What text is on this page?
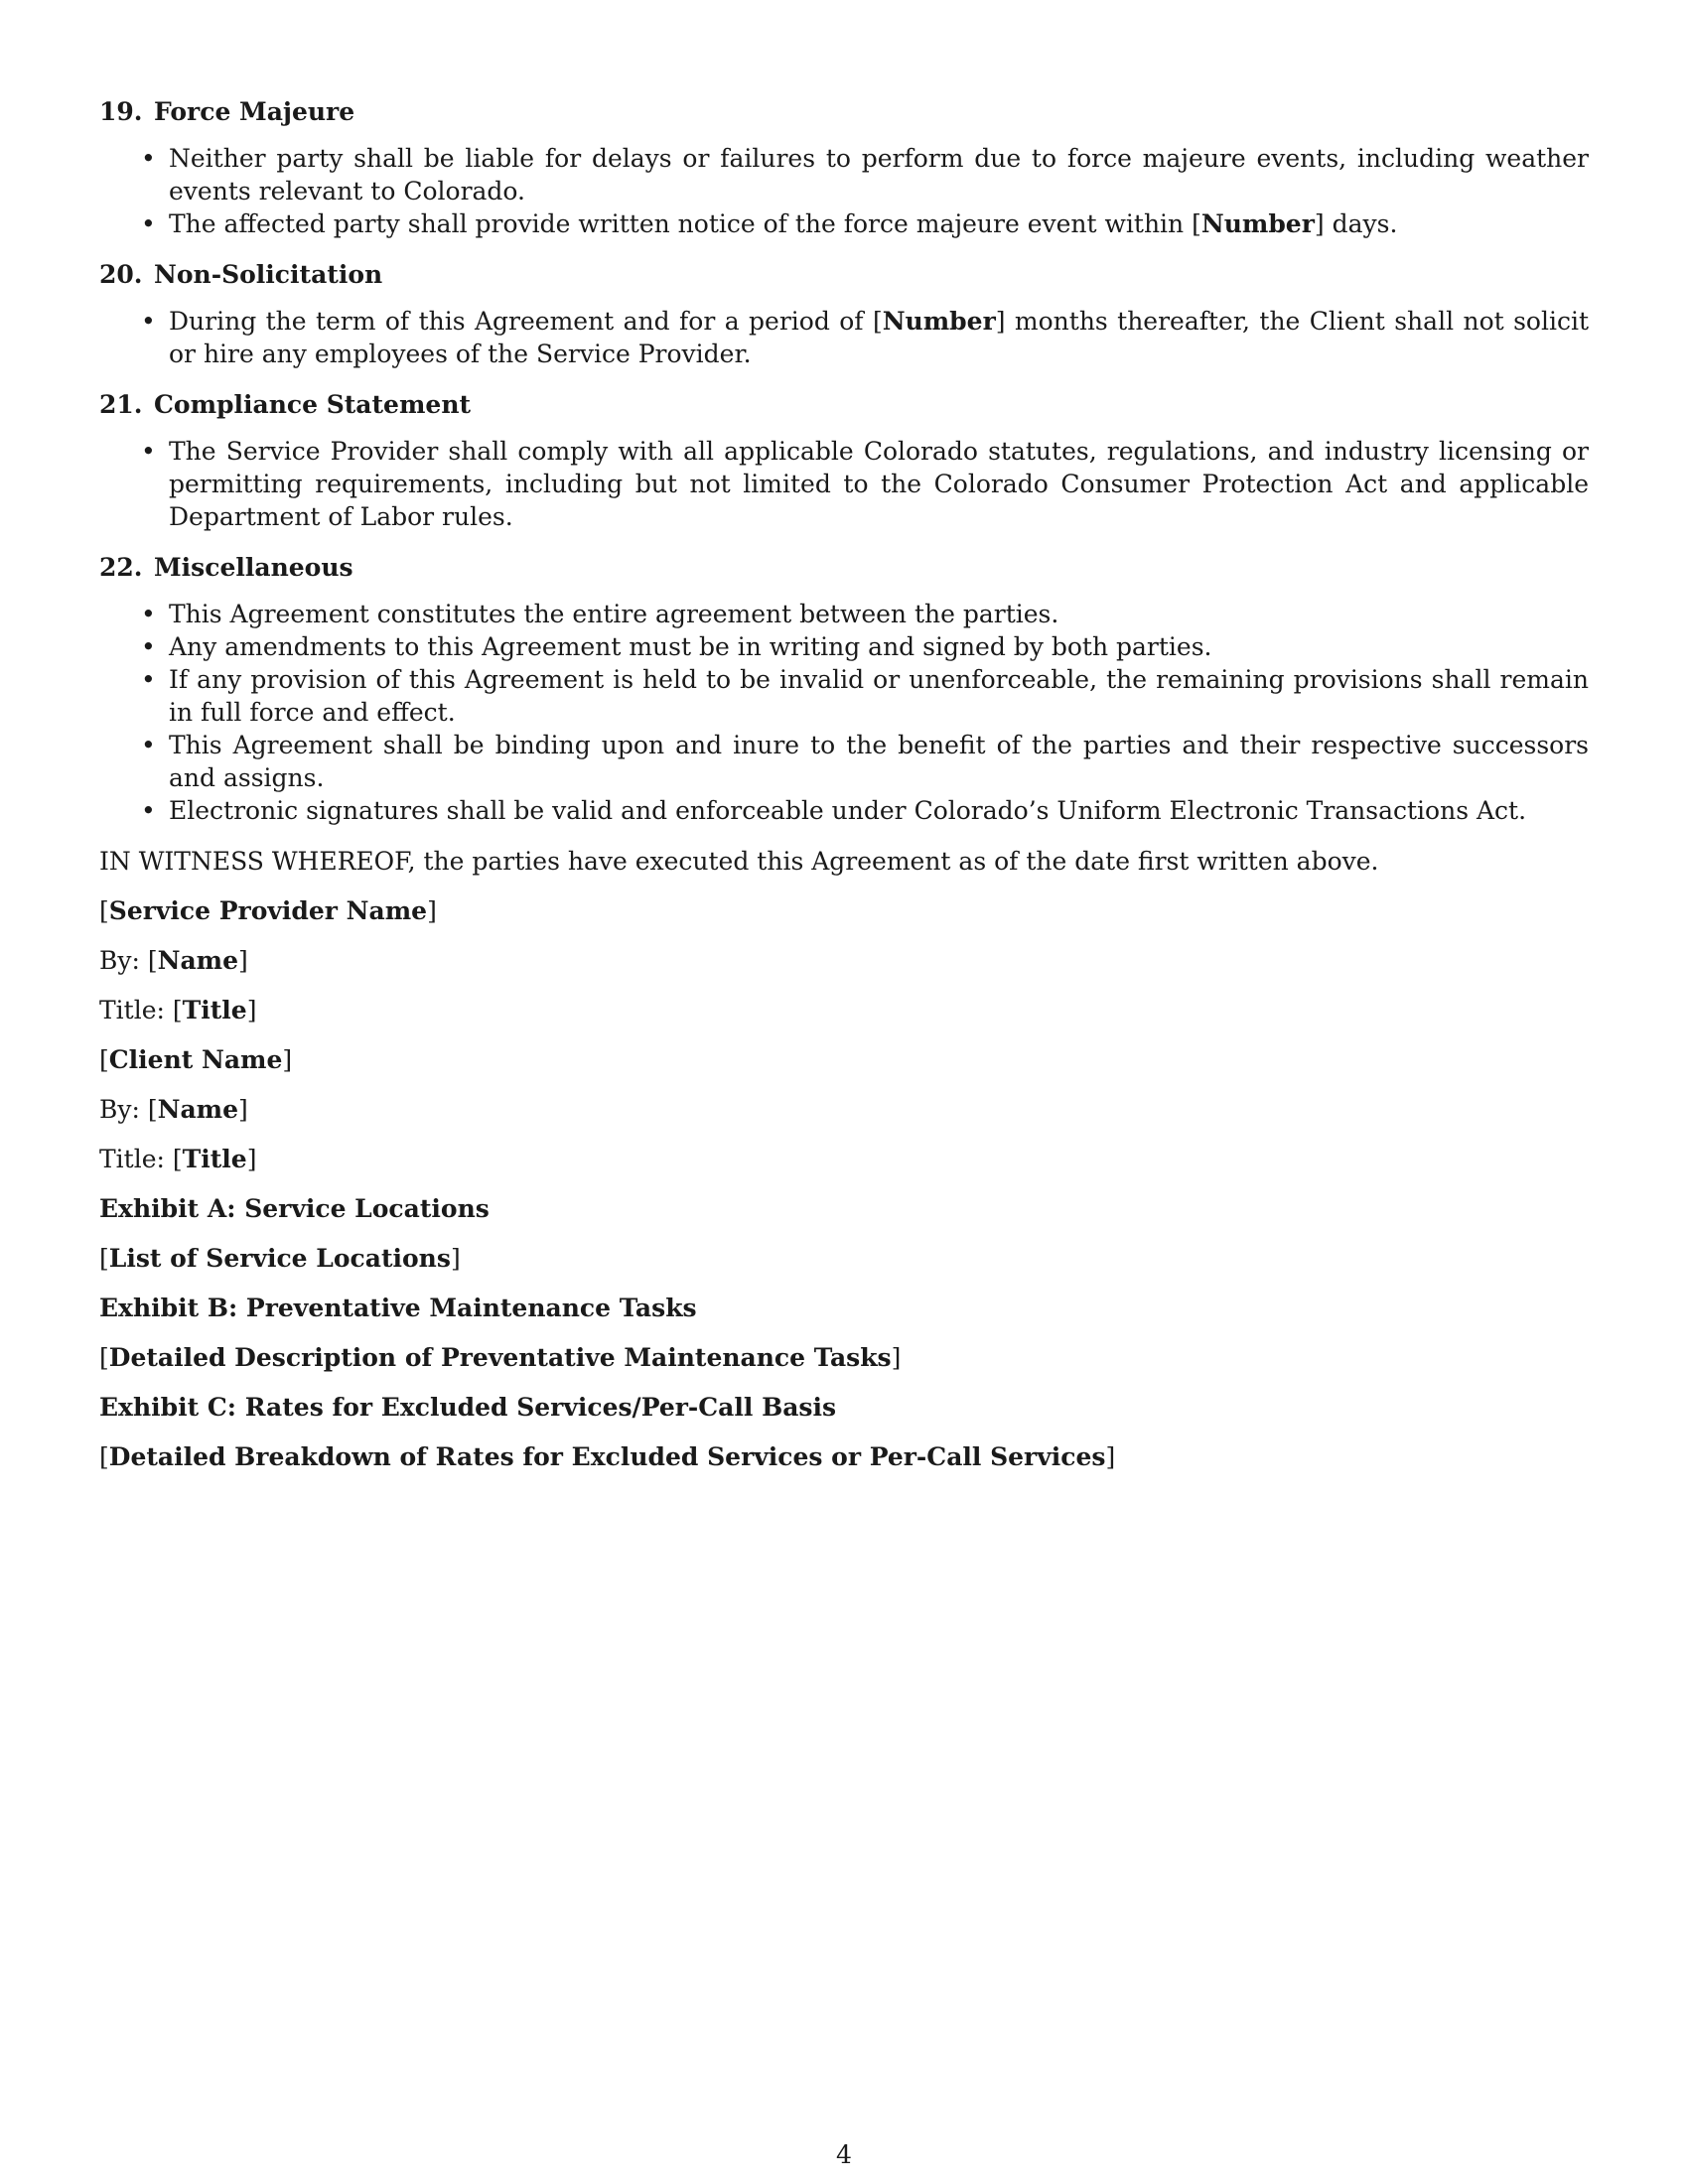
19. Force Majeure
• Neither party shall be liable for delays or failures to perform due to force majeure events, including weather events relevant to Colorado.
• The affected party shall provide written notice of the force majeure event within [Number] days.
20. Non-Solicitation
• During the term of this Agreement and for a period of [Number] months thereafter, the Client shall not solicit or hire any employees of the Service Provider.
21. Compliance Statement
• The Service Provider shall comply with all applicable Colorado statutes, regulations, and industry licensing or permitting requirements, including but not limited to the Colorado Consumer Protection Act and applicable Department of Labor rules.
22. Miscellaneous
• This Agreement constitutes the entire agreement between the parties.
• Any amendments to this Agreement must be in writing and signed by both parties.
• If any provision of this Agreement is held to be invalid or unenforceable, the remaining provisions shall remain in full force and effect.
• This Agreement shall be binding upon and inure to the benefit of the parties and their respective successors and assigns.
• Electronic signatures shall be valid and enforceable under Colorado’s Uniform Electronic Transactions Act.
IN WITNESS WHEREOF, the parties have executed this Agreement as of the date first written above.
[Service Provider Name]
By: [Name]
Title: [Title]
[Client Name]
By: [Name]
Title: [Title]
Exhibit A: Service Locations
[List of Service Locations]
Exhibit B: Preventative Maintenance Tasks
[Detailed Description of Preventative Maintenance Tasks]
Exhibit C: Rates for Excluded Services/Per-Call Basis
[Detailed Breakdown of Rates for Excluded Services or Per-Call Services]
4
